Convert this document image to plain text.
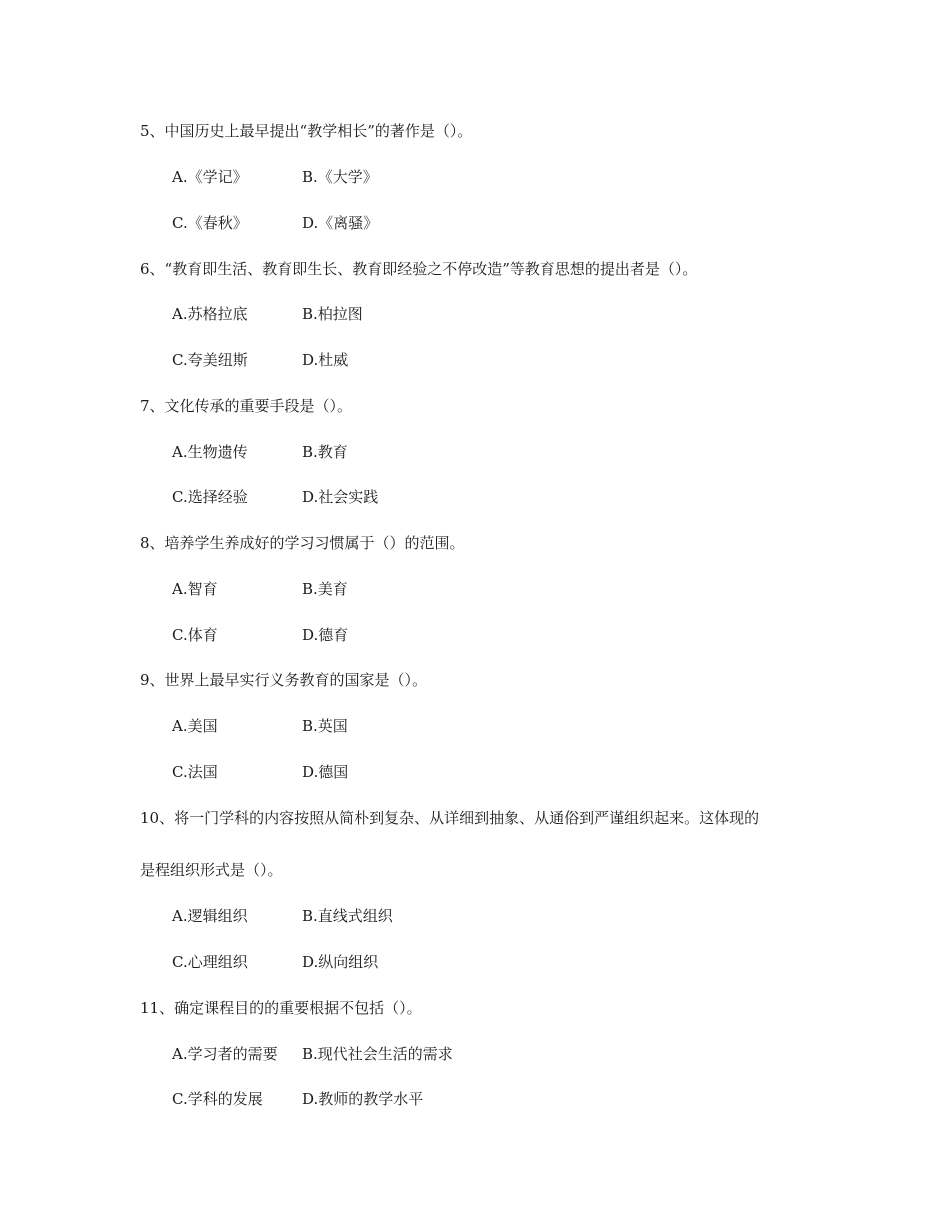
5、中国历史上最早提出“教学相长”的著作是（）。
A.《学记》	B.《大学》
C.《春秋》	D.《离骚》
6、“教育即生活、教育即生长、教育即经验之不停改造”等教育思想的提出者是（）。
A.苏格拉底	B.柏拉图
C.夸美纽斯	D.杜威
7、文化传承的重要手段是（）。
A.生物遗传	B.教育
C.选择经验	D.社会实践
8、培养学生养成好的学习习惯属于（）的范围。
A.智育	B.美育
C.体育	D.德育
9、世界上最早实行义务教育的国家是（）。
A.美国	B.英国
C.法国	D.德国
10、将一门学科的内容按照从简朴到复杂、从详细到抽象、从通俗到严谨组织起来。这体现的
是程组织形式是（）。
A.逻辑组织	B.直线式组织
C.心理组织	D.纵向组织
11、确定课程目的的重要根据不包括（）。
A.学习者的需要 B.现代社会生活的需求
C.学科的发展	D.教师的教学水平
